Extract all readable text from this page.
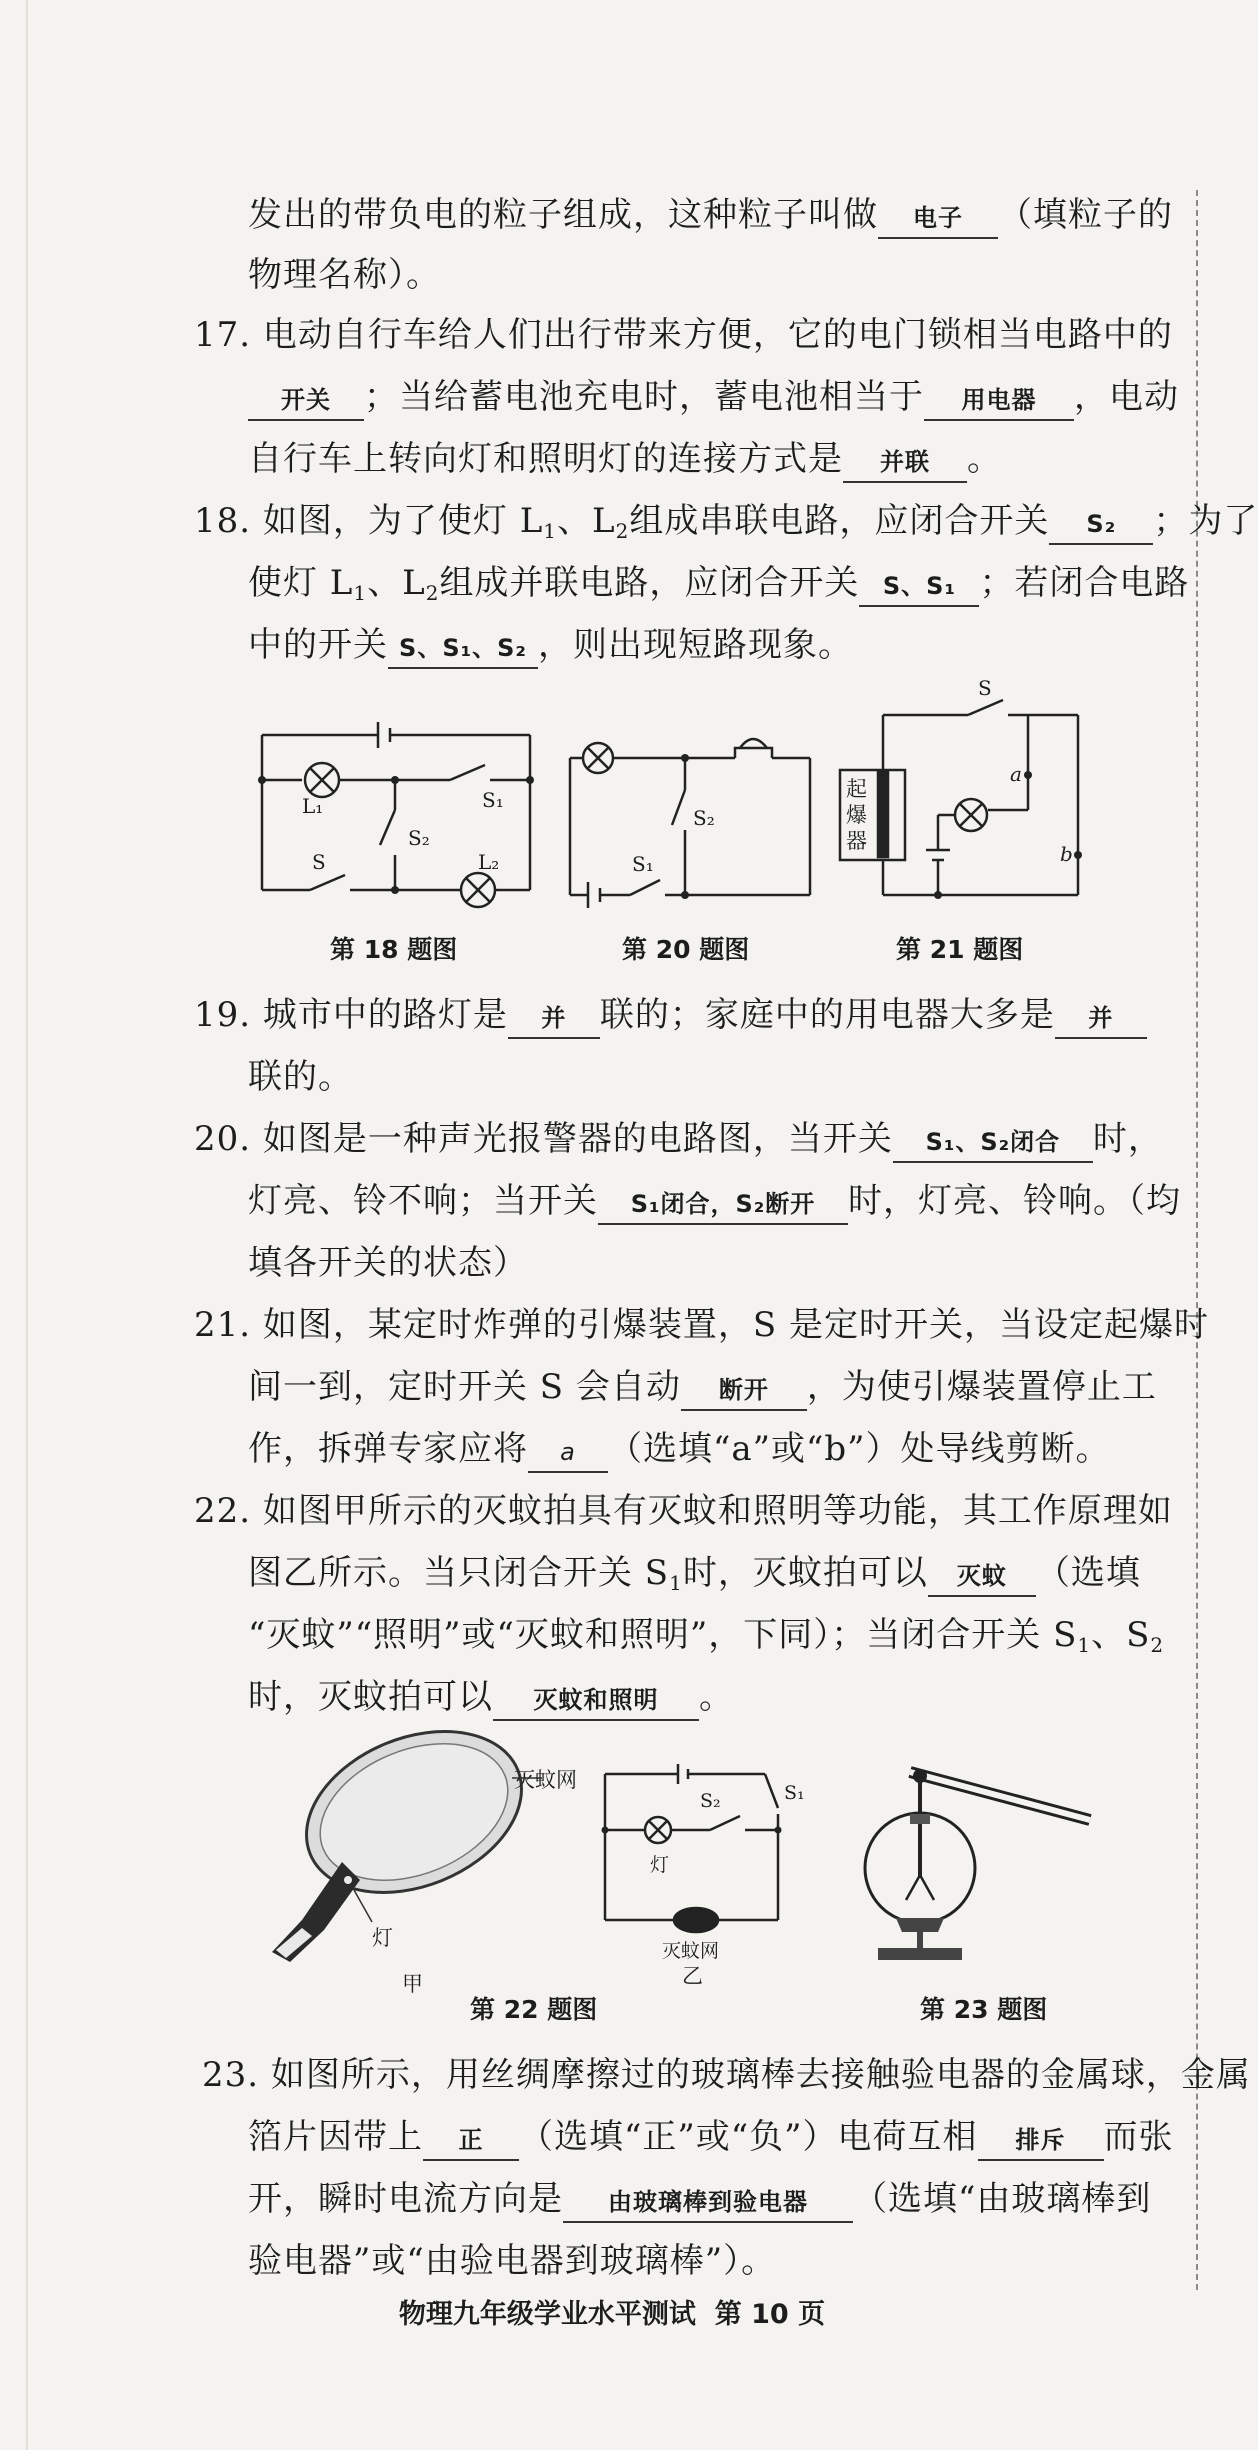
发出的带负电的粒子组成，这种粒子叫做 电子 （填粒子的
物理名称）。
17. 电动自行车给人们出行带来方便，它的电门锁相当电路中的
开关 ；当给蓄电池充电时，蓄电池相当于 用电器 ，电动
自行车上转向灯和照明灯的连接方式是 并联 。
18. 如图，为了使灯 $L_1$、$L_2$组成串联电路，应闭合开关 S₂ ；为了
使灯 $L_1$、$L_2$组成并联电路，应闭合开关 S、S₁ ；若闭合电路
中的开关 S、S₁、S₂ ，则出现短路现象。
L₁	S₁
S₂
S	L₂
第 18 题图
S₂
S₁
第 20 题图
S
a
b
起爆器
第 21 题图
19. 城市中的路灯是 并 联的；家庭中的用电器大多是 并
联的。
20. 如图是一种声光报警器的电路图，当开关 S₁、S₂闭合 时，
灯亮、铃不响；当开关 S₁闭合，S₂断开 时，灯亮、铃响。（均
填各开关的状态）
21. 如图，某定时炸弹的引爆装置，S 是定时开关，当设定起爆时
间一到，定时开关 S 会自动 断开 ，为使引爆装置停止工
作，拆弹专家应将 a （选填“a”或“b”）处导线剪断。
22. 如图甲所示的灭蚊拍具有灭蚊和照明等功能，其工作原理如
图乙所示。当只闭合开关 $S_1$时，灭蚊拍可以 灭蚊 （选填
“灭蚊”“照明”或“灭蚊和照明”，下同）；当闭合开关 $S_1$、$S_2$
时，灭蚊拍可以 灭蚊和照明 。
灭蚊网
灯
甲
S₁
S₂
灯
灭蚊网
乙
第 22 题图	第 23 题图
23. 如图所示，用丝绸摩擦过的玻璃棒去接触验电器的金属球，金属
箔片因带上 正 （选填“正”或“负”）电荷互相 排斥 而张
开，瞬时电流方向是 由玻璃棒到验电器 （选填“由玻璃棒到
验电器”或“由验电器到玻璃棒”）。
物理九年级学业水平测试 第 10 页
